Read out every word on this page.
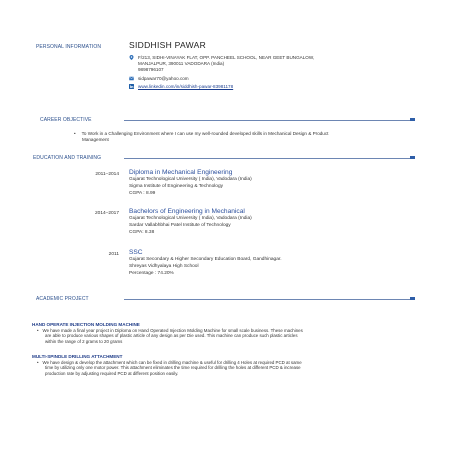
PERSONAL INFORMATION	SIDDHISH PAWAR
F/213, SIDHI-VINAYAK FLAT, OPP. PANCHEEL SCHOOL, NEAR GEET BUNGALOW,
MANJALPUR, 390011 VADODARA (India)
9898796107
sidpawar70@yahoo.com
www.linkedin.com/in/siddhish-pawar-83981178
CAREER OBJECTIVE
• To Work in a Challenging Environment where I can use my well-rounded developed skills in Mechanical Design & Product
Management
EDUCATION AND TRAINING
2011–2014 Diploma in Mechanical Engineering
Gujarat Technological University ( India), Vadodara (India)
Sigma Institute of Engineering & Technology
CGPA : 8.99
2014–2017 Bachelors of Engineering in Mechanical
Gujarat Technological University ( India), Vadodara (India)
Sardar Vallabhbhai Patel Institute of Technology
CGPA: 8.38
2011 SSC
Gujarat Secondary & Higher Secondary Education Board, Gandhinagar.
Shreyas Vidhyalaya High School
Percentage : 74.20%
ACADEMIC PROJECT
HAND OPERATE INJECTION MOLDING MACHINE
• We have made a final year project in Diploma on Hand Operated Injection Molding Machine for small scale business. These machines
are able to produce various shapes of plastic article of any design as per Die used. This machine can produce such plastic articles
within the range of 2 grams to 20 grams
MULTI-SPINDLE DRILLING ATTACHMENT
• We have design & develop the attachment which can be fixed in drilling machine & useful for drilling 4 Holes at required PCD at same
time by utilizing only one motor power. This attachment eliminates the time required for drilling the holes at different PCD & increase
production rate by adjusting required PCD at different position easily.
